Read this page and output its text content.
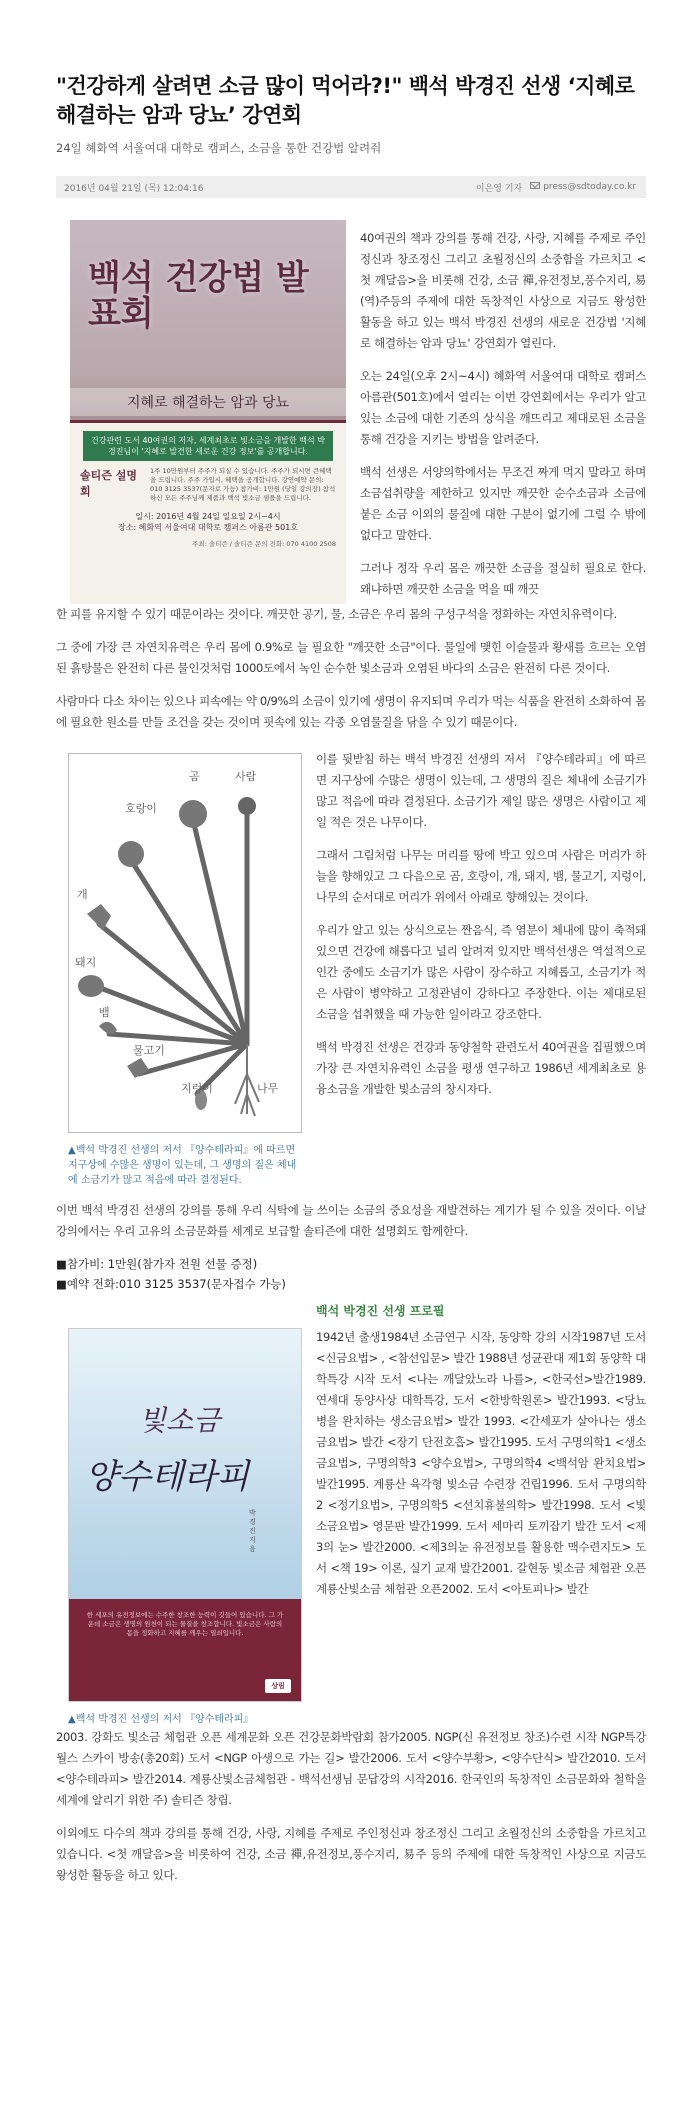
"건강하게 살려면 소금 많이 먹어라?!" 백석 박경진 선생 ‘지혜로 해결하는 암과 당뇨’ 강연회
24일 혜화역 서울여대 대학로 캠퍼스, 소금을 통한 건강법 알려줘
2016년 04월 21일 (목) 12:04:16	이은영 기자	press@sdtoday.co.kr
백석 건강법 발표회
지혜로 해결하는 암과 당뇨
건강관련 도서 40여권의 저자, 세계최초로 빛소금을 개발한 백석 박경진님이 '지혜로 발견한 새로운 건강 정보'를 공개합니다.
솔티즌 설명회
1주 10만원부터 주주가 되실 수 있습니다. 주주가 되시면 큰혜택을 드립니다. 주주 가입시, 혜택을 공개합니다. 강연예약 문의: 010 3125 3537(문자로 가능) 참가비: 1만원 (당일 강의장) 참석하신 모든 주주님께 제품과 백석 빛소금 샘플을 드립니다.
일시: 2016년 4월 24일 일요일 2시~4시
장소: 혜화역 서울여대 대학로 캠퍼스 아름관 501호
주최: 솔티즌 / 솔티즌 문의 전화: 070 4100 2508

40여권의 책과 강의를 통해 건강, 사랑, 지혜를 주제로 주인정신과 창조정신 그리고 초월정신의 소중함을 가르치고 <첫 깨달음>을 비롯해 건강, 소금 禪,유전정보,풍수지리, 易(역)주등의 주제에 대한 독창적인 사상으로 지금도 왕성한 활동을 하고 있는 백석 박경진 선생의 새로운 건강법 '지혜로 해결하는 암과 당뇨' 강연회가 열린다.

오는 24일(오후 2시~4시) 혜화역 서울여대 대학로 캠퍼스 아름관(501호)에서 열리는 이번 강연회에서는 우리가 알고 있는 소금에 대한 기존의 상식을 깨뜨리고 제대로된 소금을 통해 건강을 지키는 방법을 알려준다.

백석 선생은 서양의학에서는 무조건 짜게 먹지 말라고 하며 소금섭취량을 제한하고 있지만 깨끗한 순수소금과 소금에 붙은 소금 이외의 물질에 대한 구분이 없기에 그럴 수 밖에 없다고 말한다.

그러나 정작 우리 몸은 깨끗한 소금을 절실히 필요로 한다. 왜냐하면 깨끗한 소금을 먹을 때 깨끗

한 피를 유지할 수 있기 때문이라는 것이다. 깨끗한 공기, 물, 소금은 우리 몸의 구성구석을 정화하는 자연치유력이다.

그 중에 가장 큰 자연치유력은 우리 몸에 0.9%로 늘 필요한 "깨끗한 소금"이다. 물일에 맺힌 이슬물과 황새를 흐르는 오염된 흙탕물은 완전히 다른 물인것처럼 1000도에서 녹인 순수한 빛소금과 오염된 바다의 소금은 완전히 다른 것이다.

사람마다 다소 차이는 있으나 피속에는 약 0/9%의 소금이 있기에 생명이 유지되며 우리가 먹는 식품을 완전히 소화하여 몸에 필요한 원소를 만들 조건을 갖는 것이며 핏속에 있는 각종 오염물질을 닦을 수 있기 때문이다.

곰	사람
호랑이
개
돼지
뱀
물고기
지렁이	나무
▲백석 박경진 선생의 저서 『양수테라피』에 따르면 지구상에 수많은 생명이 있는데, 그 생명의 질은 체내에 소금기가 많고 적음에 따라 결정된다.

이를 뒷받침 하는 백석 박경진 선생의 저서 『양수테라피』에 따르면 지구상에 수많은 생명이 있는데, 그 생명의 질은 체내에 소금기가 많고 적음에 따라 결정된다. 소금기가 제일 많은 생명은 사람이고 제일 적은 것은 나무이다.

그래서 그림처럼 나무는 머리를 땅에 박고 있으며 사람은 머리가 하늘을 향해있고 그 다음으로 곰, 호랑이, 개, 돼지, 뱀, 물고기, 지렁이, 나무의 순서대로 머리가 위에서 아래로 향해있는 것이다.

우리가 알고 있는 상식으로는 짠음식, 즉 염분이 체내에 많이 축적돼 있으면 건강에 해롭다고 널리 알려져 있지만 백석선생은 역설적으로 인간 중에도 소금기가 많은 사람이 장수하고 지혜롭고, 소금기가 적은 사람이 병약하고 고정관념이 강하다고 주장한다. 이는 제대로된 소금을 섭취했을 때 가능한 일이라고 강조한다.

백석 박경진 선생은 건강과 동양철학 관련도서 40여권을 집필했으며 가장 큰 자연치유력인 소금을 평생 연구하고 1986년 세계최초로 용융소금을 개발한 빛소금의 창시자다.

이번 백석 박경진 선생의 강의를 통해 우리 식탁에 늘 쓰이는 소금의 중요성을 재발견하는 계기가 될 수 있을 것이다. 이날 강의에서는 우리 고유의 소금문화를 세계로 보급할 솔티즌에 대한 설명회도 함께한다.

■참가비: 1만원(참가자 전원 선물 증정)
■예약 전화:010 3125 3537(문자접수 가능)
빛소금
양수테라피
박경진 지음
한 세포의 유전정보에는 수주한 창조한 능력이 깃들어 있습니다. 그 가운데 소금은 생명의 원천이 되는 물질을 창조합니다. 빛소금은 사람의 몸을 정화하고 지혜를 깨우는 열쇠입니다.
상림
▲백석 박경진 선생의 저서 『양수테라피』
백석 박경진 선생 프로필

1942년 출생1984년 소금연구 시작, 동양학 강의 시작1987년 도서 <신금요법> , <참선입문> 발간 1988년 성균관대 제1회 동양학 대학특강 시작 도서 <나는 깨달았노라 나를>, <한국선>발간1989. 연세대 동양사상 대학특강, 도서 <한방학원론> 발간1993. <당뇨병을 완치하는 생소금요법> 발간 1993. <간세포가 살아나는 생소금요법> 발간 <장기 단전호흡> 발간1995. 도서 구명의학1 <생소금요법>, 구명의학3 <양수요법>, 구명의학4 <백석암 완치요법> 발간1995. 계룡산 육각형 빛소금 수련장 건립1996. 도서 구명의학2 <정기요법>, 구명의학5 <선치휴불의학> 발간1998. 도서 <빛소금요법> 영문판 발간1999. 도서 세마리 토끼잡기 발간 도서 <제3의 눈> 발간2000. <제3의눈 유전정보를 활용한 맥수련지도> 도서 <책 19> 이론, 실기 교재 발간2001. 갈현동 빛소금 체험관 오픈 계룡산빛소금 체험관 오픈2002. 도서 <아토피나> 발간

2003. 강화도 빛소금 체험관 오픈 세계문화 오픈 건강문화박람회 참가2005. NGP(신 유전정보 창조)수련 시작 NGP특강 월스 스카이 방송(총20회) 도서 <NGP 아생으로 가는 길> 발간2006. 도서 <양수부황>, <양수단식> 발간2010. 도서 <양수테라피> 발간2014. 계룡산빛소금체험관 - 백석선생님 문답강의 시작2016. 한국인의 독창적인 소금문화와 철학을 세계에 알리기 위한 주) 솔티즌 창립.

이외에도 다수의 책과 강의를 통해 건강, 사랑, 지혜를 주제로 주인정신과 창조정신 그리고 초월정신의 소중함을 가르치고 있습니다. <첫 깨달음>을 비롯하여 건강, 소금 禪,유전정보,풍수지리, 易주 등의 주제에 대한 독창적인 사상으로 지금도 왕성한 활동을 하고 있다.
